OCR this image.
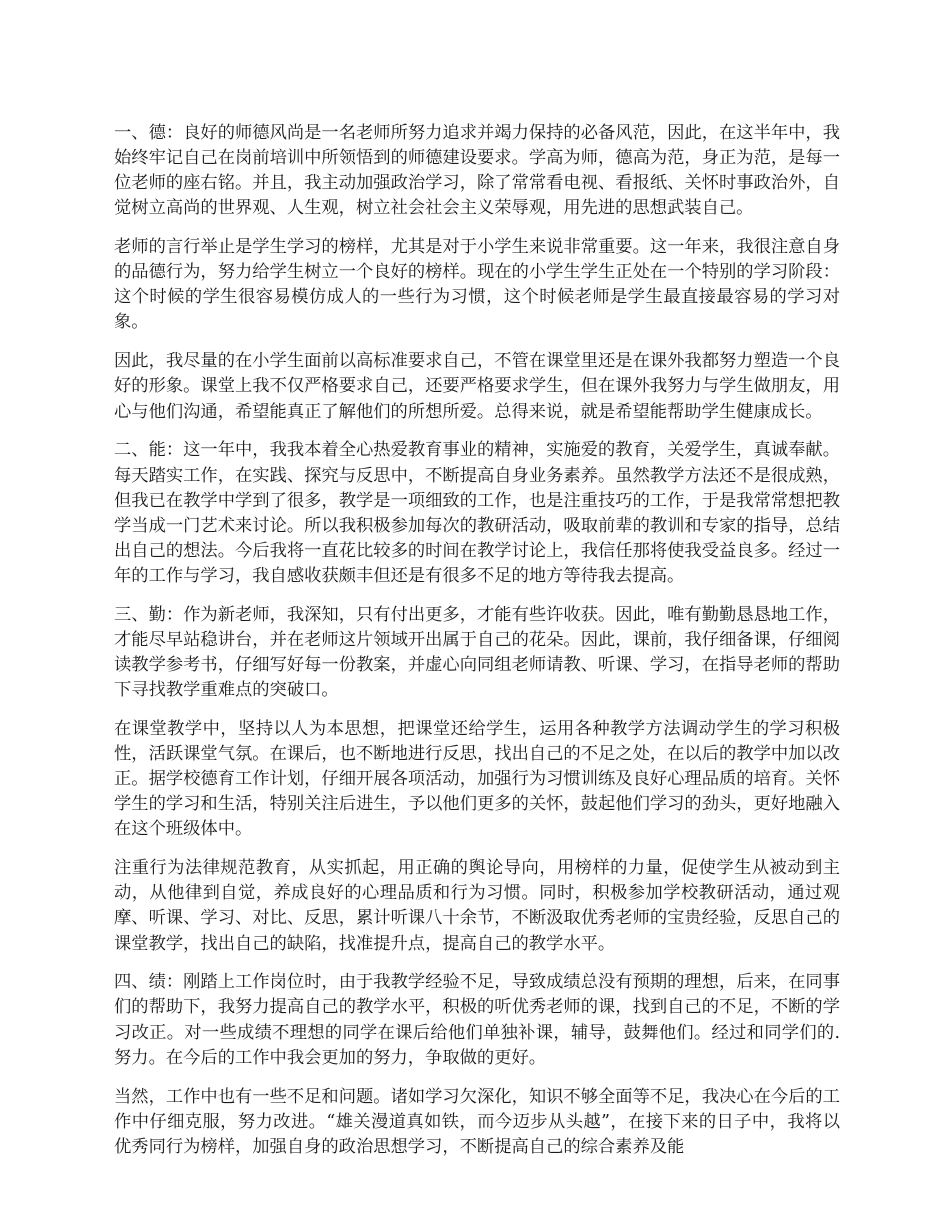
一、德：良好的师德风尚是一名老师所努力追求并竭力保持的必备风范，因此，在这半年中，我始终牢记自己在岗前培训中所领悟到的师德建设要求。学高为师，德高为范，身正为范，是每一位老师的座右铭。并且，我主动加强政治学习，除了常常看电视、看报纸、关怀时事政治外，自觉树立高尚的世界观、人生观，树立社会社会主义荣辱观，用先进的思想武装自己。

老师的言行举止是学生学习的榜样，尤其是对于小学生来说非常重要。这一年来，我很注意自身的品德行为，努力给学生树立一个良好的榜样。现在的小学生学生正处在一个特别的学习阶段：这个时候的学生很容易模仿成人的一些行为习惯，这个时候老师是学生最直接最容易的学习对象。

因此，我尽量的在小学生面前以高标准要求自己，不管在课堂里还是在课外我都努力塑造一个良好的形象。课堂上我不仅严格要求自己，还要严格要求学生，但在课外我努力与学生做朋友，用心与他们沟通，希望能真正了解他们的所想所爱。总得来说，就是希望能帮助学生健康成长。

二、能：这一年中，我我本着全心热爱教育事业的精神，实施爱的教育，关爱学生，真诚奉献。每天踏实工作，在实践、探究与反思中，不断提高自身业务素养。虽然教学方法还不是很成熟，但我已在教学中学到了很多，教学是一项细致的工作，也是注重技巧的工作，于是我常常想把教学当成一门艺术来讨论。所以我积极参加每次的教研活动，吸取前辈的教训和专家的指导，总结出自己的想法。今后我将一直花比较多的时间在教学讨论上，我信任那将使我受益良多。经过一年的工作与学习，我自感收获颇丰但还是有很多不足的地方等待我去提高。

三、勤：作为新老师，我深知，只有付出更多，才能有些许收获。因此，唯有勤勤恳恳地工作，才能尽早站稳讲台，并在老师这片领域开出属于自己的花朵。因此，课前，我仔细备课，仔细阅读教学参考书，仔细写好每一份教案，并虚心向同组老师请教、听课、学习，在指导老师的帮助下寻找教学重难点的突破口。

在课堂教学中，坚持以人为本思想，把课堂还给学生，运用各种教学方法调动学生的学习积极性，活跃课堂气氛。在课后，也不断地进行反思，找出自己的不足之处，在以后的教学中加以改正。据学校德育工作计划，仔细开展各项活动，加强行为习惯训练及良好心理品质的培育。关怀学生的学习和生活，特别关注后进生，予以他们更多的关怀，鼓起他们学习的劲头，更好地融入在这个班级体中。

注重行为法律规范教育，从实抓起，用正确的舆论导向，用榜样的力量，促使学生从被动到主动，从他律到自觉，养成良好的心理品质和行为习惯。同时，积极参加学校教研活动，通过观摩、听课、学习、对比、反思，累计听课八十余节，不断汲取优秀老师的宝贵经验，反思自己的课堂教学，找出自己的缺陷，找准提升点，提高自己的教学水平。

四、绩：刚踏上工作岗位时，由于我教学经验不足，导致成绩总没有预期的理想，后来，在同事们的帮助下，我努力提高自己的教学水平，积极的听优秀老师的课，找到自己的不足，不断的学习改正。对一些成绩不理想的同学在课后给他们单独补课，辅导，鼓舞他们。经过和同学们的.努力。在今后的工作中我会更加的努力，争取做的更好。

当然，工作中也有一些不足和问题。诸如学习欠深化，知识不够全面等不足，我决心在今后的工作中仔细克服，努力改进。“雄关漫道真如铁，而今迈步从头越”，在接下来的日子中，我将以优秀同行为榜样，加强自身的政治思想学习，不断提高自己的综合素养及能
